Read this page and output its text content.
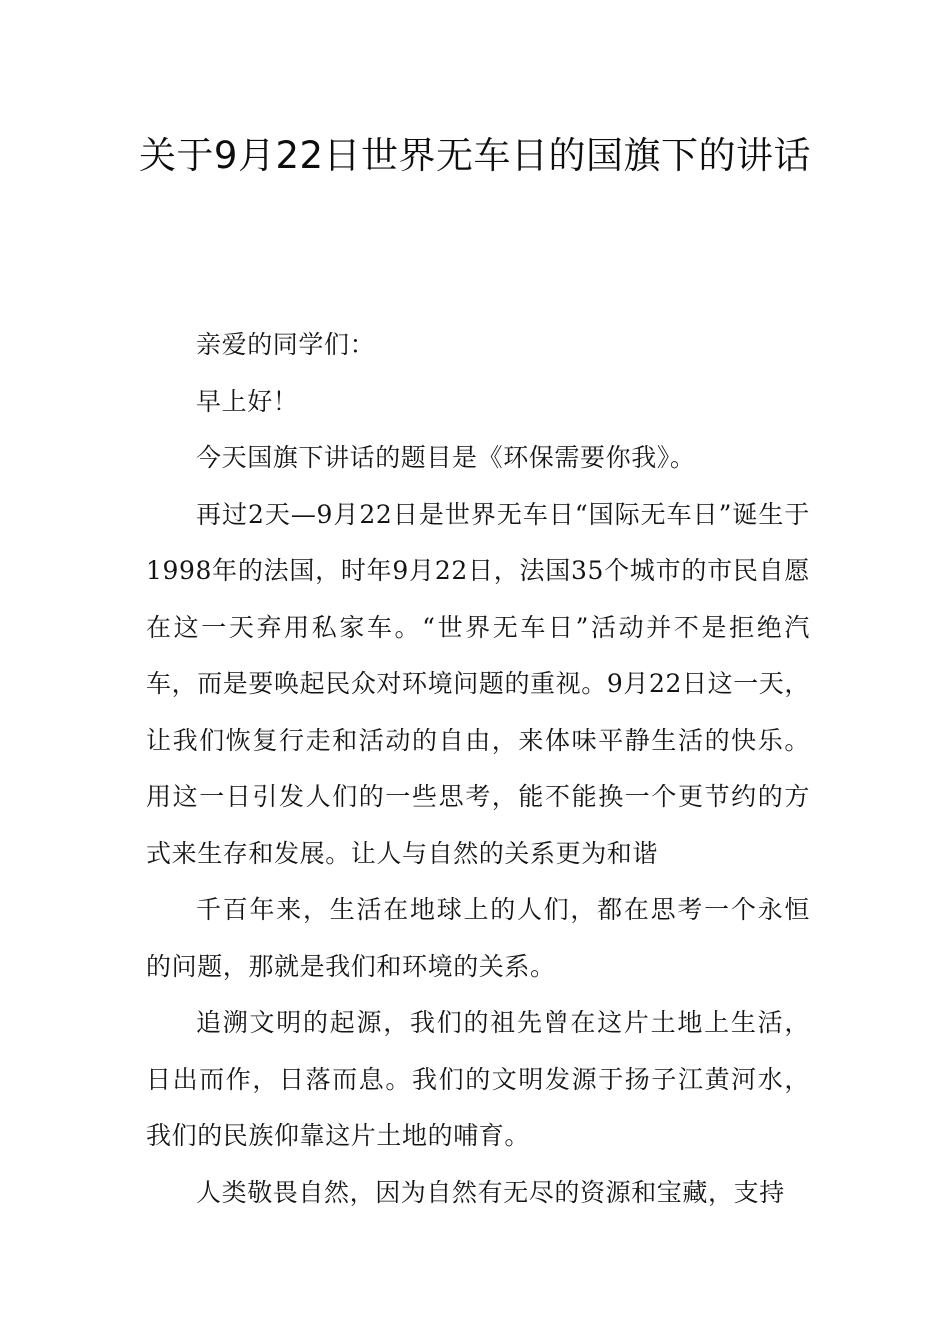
关于9月22日世界无车日的国旗下的讲话

亲爱的同学们：

早上好！

今天国旗下讲话的题目是《环保需要你我》。

再过2天—9月22日是世界无车日“国际无车日”诞生于1998年的法国，时年9月22日，法国35个城市的市民自愿在这一天弃用私家车。“世界无车日”活动并不是拒绝汽车，而是要唤起民众对环境问题的重视。9月22日这一天，让我们恢复行走和活动的自由，来体味平静生活的快乐。用这一日引发人们的一些思考，能不能换一个更节约的方式来生存和发展。让人与自然的关系更为和谐

千百年来，生活在地球上的人们，都在思考一个永恒的问题，那就是我们和环境的关系。

追溯文明的起源，我们的祖先曾在这片土地上生活，日出而作，日落而息。我们的文明发源于扬子江黄河水，我们的民族仰靠这片土地的哺育。

人类敬畏自然，因为自然有无尽的资源和宝藏，支持
